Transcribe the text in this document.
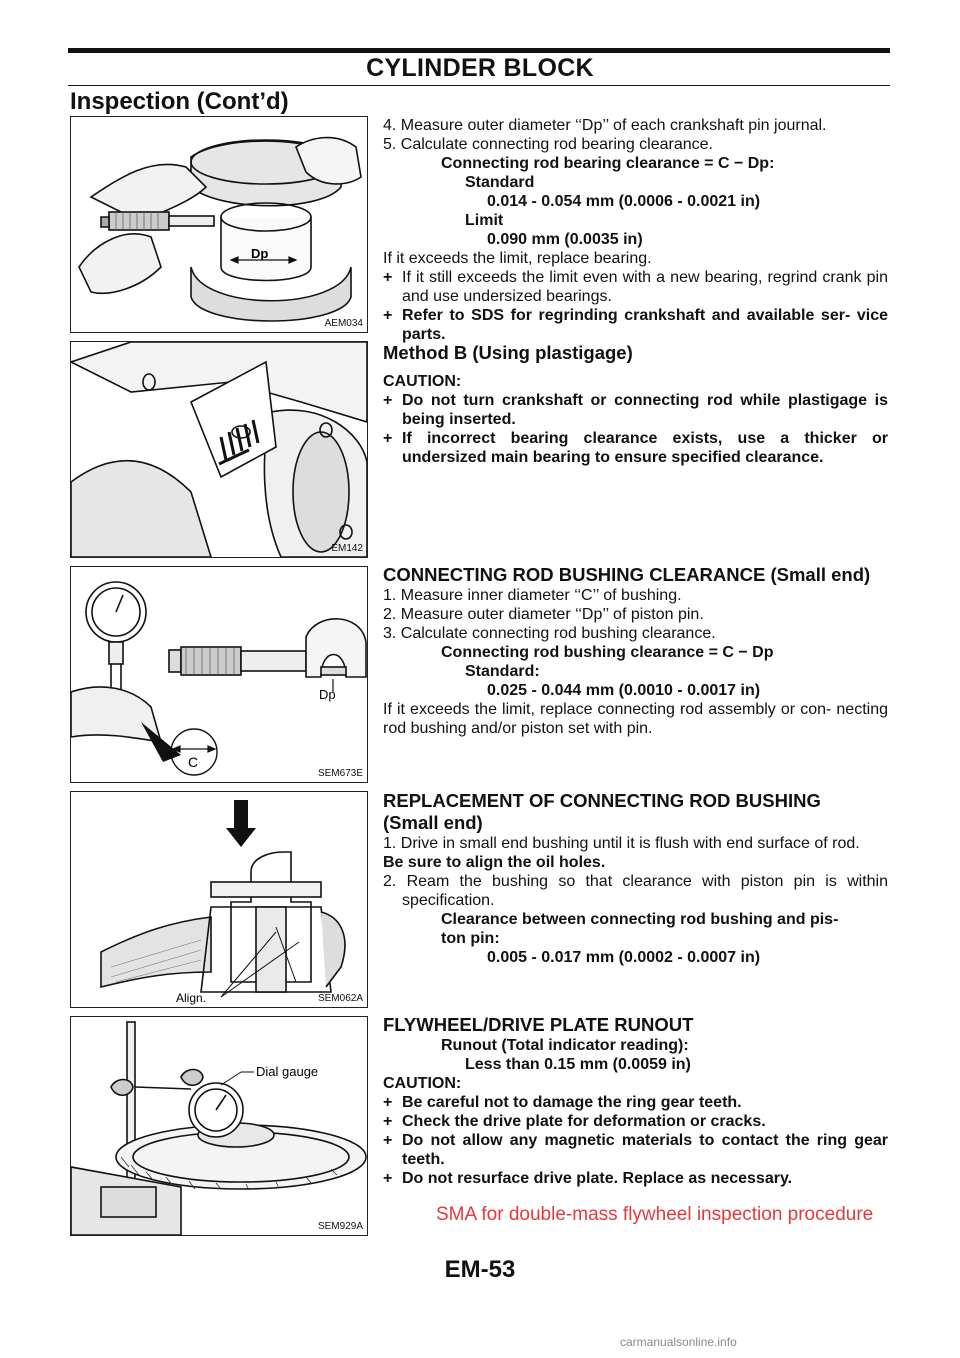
CYLINDER BLOCK
Inspection (Cont’d)
Dp
AEM034
EM142
C
Dp
SEM673E
Align.	SEM062A
Dial gauge
SEM929A

4. Measure outer diameter ‘‘Dp’’ of each crankshaft pin journal.

5. Calculate connecting rod bearing clearance.

Connecting rod bearing clearance = C − Dp:

Standard

0.014 - 0.054 mm (0.0006 - 0.0021 in)

Limit

0.090 mm (0.0035 in)

If it exceeds the limit, replace bearing.

+ If it still exceeds the limit even with a new bearing, regrind crank pin and use undersized bearings.

+ Refer to SDS for regrinding crankshaft and available ser- vice parts.

Method B (Using plastigage)

CAUTION:

+ Do not turn crankshaft or connecting rod while plastigage is being inserted.

+ If incorrect bearing clearance exists, use a thicker or undersized main bearing to ensure specified clearance.

CONNECTING ROD BUSHING CLEARANCE (Small end)

1. Measure inner diameter ‘‘C’’ of bushing.

2. Measure outer diameter ‘‘Dp’’ of piston pin.

3. Calculate connecting rod bushing clearance.

Connecting rod bushing clearance = C − Dp

Standard:

0.025 - 0.044 mm (0.0010 - 0.0017 in)

If it exceeds the limit, replace connecting rod assembly or con- necting rod bushing and/or piston set with pin.

REPLACEMENT OF CONNECTING ROD BUSHING (Small end)

1. Drive in small end bushing until it is flush with end surface of rod.

Be sure to align the oil holes.

2. Ream the bushing so that clearance with piston pin is within specification.

Clearance between connecting rod bushing and pis-

ton pin:

0.005 - 0.017 mm (0.0002 - 0.0007 in)

FLYWHEEL/DRIVE PLATE RUNOUT

Runout (Total indicator reading):

Less than 0.15 mm (0.0059 in)

CAUTION:

+ Be careful not to damage the ring gear teeth.

+ Check the drive plate for deformation or cracks.

+ Do not allow any magnetic materials to contact the ring gear teeth.

+ Do not resurface drive plate. Replace as necessary.

SMA for double-mass flywheel inspection procedure
EM-53
carmanualsonline.info
